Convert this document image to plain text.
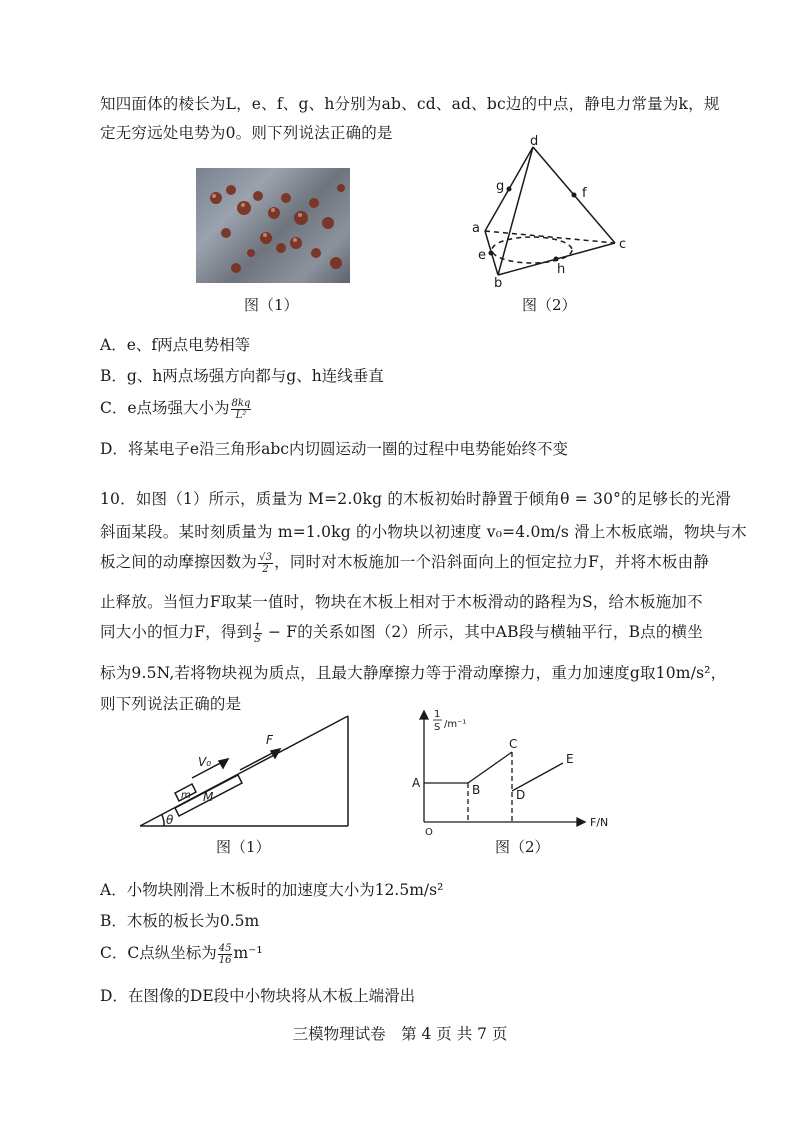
知四面体的棱长为L，e、f、g、h分别为ab、cd、ad、bc边的中点，静电力常量为k，规
定无穷远处电势为0。则下列说法正确的是
图（1）
d
g	f
a
e
c
h
b
图（2）
A．e、f两点电势相等
B．g、h两点场强方向都与g、h连线垂直
C．e点场强大小为 $\frac{8kq}{\text{L²}}$
D．将某电子e沿三角形abc内切圆运动一圈的过程中电势能始终不变
10．如图（1）所示，质量为 M=2.0kg 的木板初始时静置于倾角θ = 30°的足够长的光滑
斜面某段。某时刻质量为 m=1.0kg 的小物块以初速度 v₀=4.0m/s 滑上木板底端，物块与木
板之间的动摩擦因数为 $\frac{√3}{2}$ ，同时对木板施加一个沿斜面向上的恒定拉力F，并将木板由静
止释放。当恒力F取某一值时，物块在木板上相对于木板滑动的路程为S，给木板施加不
同大小的恒力F，得到 $\frac{1}{S} - F$的关系如图（2）所示，其中AB段与横轴平行，B点的横坐
标为9.5N,若将物块视为质点，且最大静摩擦力等于滑动摩擦力，重力加速度g取10m/s²，
则下列说法正确的是
θ
m M
V₀
F
图（1）
1
S /m⁻¹
F/N
O
A	B
C
D
E
图（2）
A．小物块刚滑上木板时的加速度大小为12.5m/s²
B．木板的板长为0.5m
C．C点纵坐标为 $\frac{45}{16} m^{-1}$
D．在图像的DE段中小物块将从木板上端滑出
三模物理试卷　第 4 页 共 7 页
